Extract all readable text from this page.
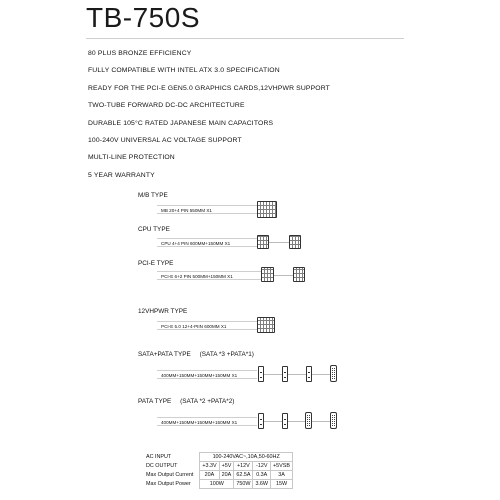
TB-750S
80 PLUS BRONZE EFFICIENCY
FULLY COMPATIBLE WITH INTEL ATX 3.0 SPECIFICATION
READY FOR THE PCI-E GEN5.0 GRAPHICS CARDS,12VHPWR SUPPORT
TWO-TUBE FORWARD DC-DC ARCHITECTURE
DURABLE 105°C RATED JAPANESE MAIN CAPACITORS
100-240V UNIVERSAL AC VOLTAGE SUPPORT
MULTI-LINE PROTECTION
5 YEAR WARRANTY
M/B TYPE
MB 20+4 PIN 550MM X1
CPU TYPE
CPU 4+4 PIN 600MM+150MM X1
PCI-E TYPE
PCI-E 6+2 PIN 500MM+150MM X1
12VHPWR TYPE
PCI-E 5.0 12+4-PIIN 600MM X1
SATA+PATA TYPE (SATA *3 +PATA*1)
400MM+150MM+150MM+150MM X1
PATA TYPE (SATA *2 +PATA*2)
400MM+150MM+150MM+150MM X1
AC INPUT	100-240VAC~,10A,50-60HZ				
DC OUTPUT	+3.3V	+5V	+12V	-12V	+5VSB
Max Output Current	20A	20A	62.5A	0.3A	3A
Max Output Power	100W		750W	3.6W	15W
